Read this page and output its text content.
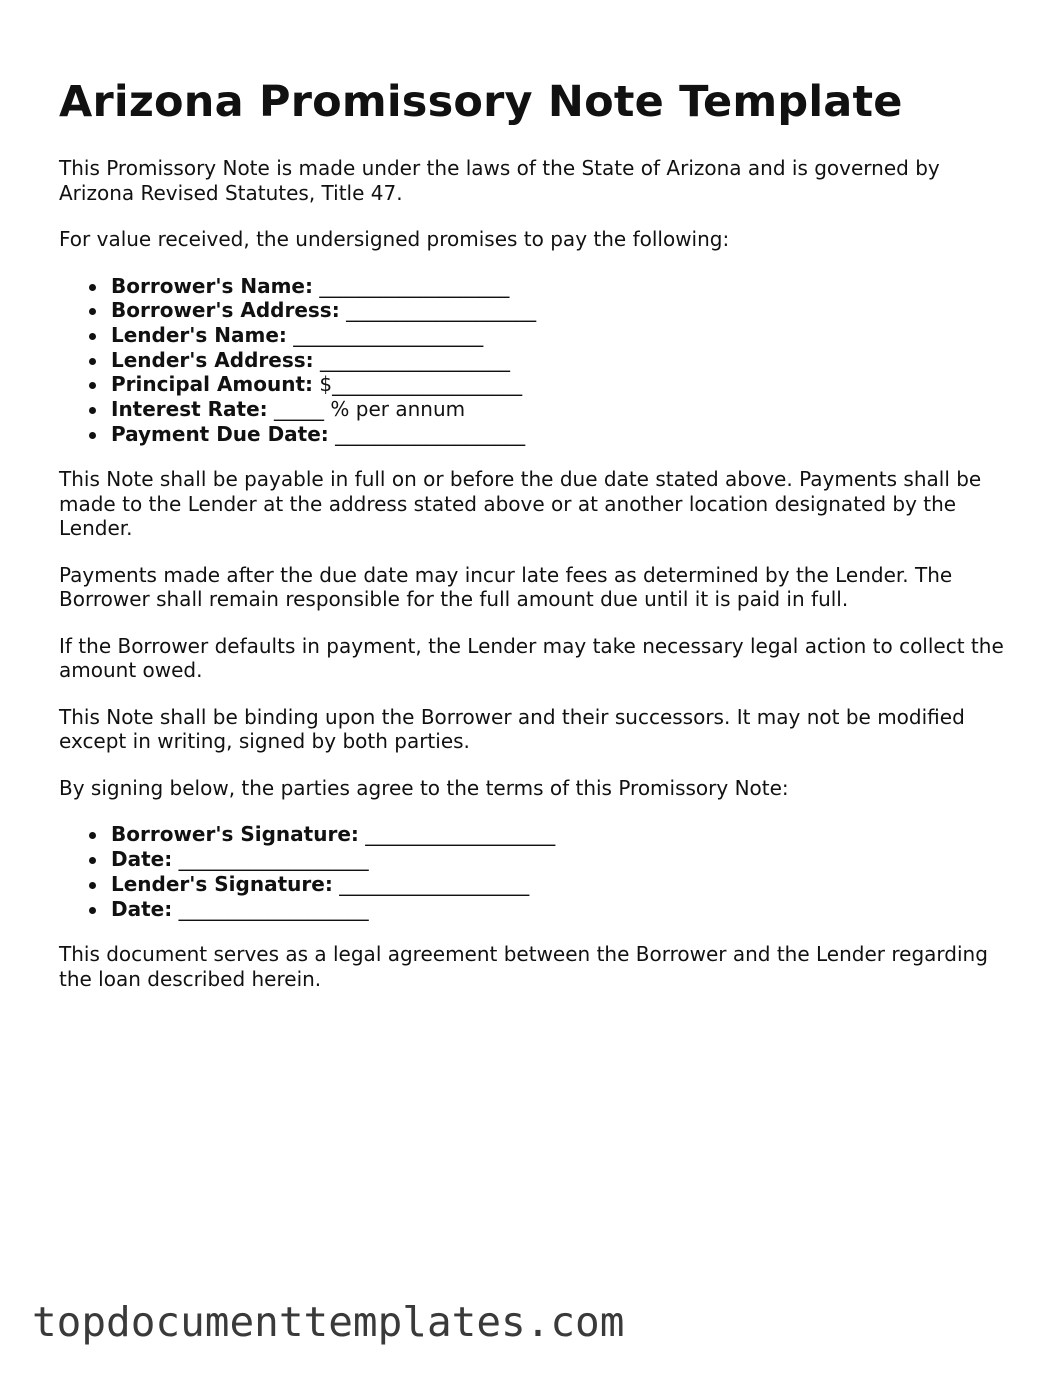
Arizona Promissory Note Template

This Promissory Note is made under the laws of the State of Arizona and is governed by Arizona Revised Statutes, Title 47.

For value received, the undersigned promises to pay the following:

Borrower's Name: ___________________
Borrower's Address: ___________________
Lender's Name: ___________________
Lender's Address: ___________________
Principal Amount: $___________________
Interest Rate: _____ % per annum
Payment Due Date: ___________________

This Note shall be payable in full on or before the due date stated above. Payments shall be made to the Lender at the address stated above or at another location designated by the Lender.

Payments made after the due date may incur late fees as determined by the Lender. The Borrower shall remain responsible for the full amount due until it is paid in full.

If the Borrower defaults in payment, the Lender may take necessary legal action to collect the amount owed.

This Note shall be binding upon the Borrower and their successors. It may not be modified except in writing, signed by both parties.

By signing below, the parties agree to the terms of this Promissory Note:

Borrower's Signature: ___________________
Date: ___________________
Lender's Signature: ___________________
Date: ___________________

This document serves as a legal agreement between the Borrower and the Lender regarding the loan described herein.

topdocumenttemplates.com
